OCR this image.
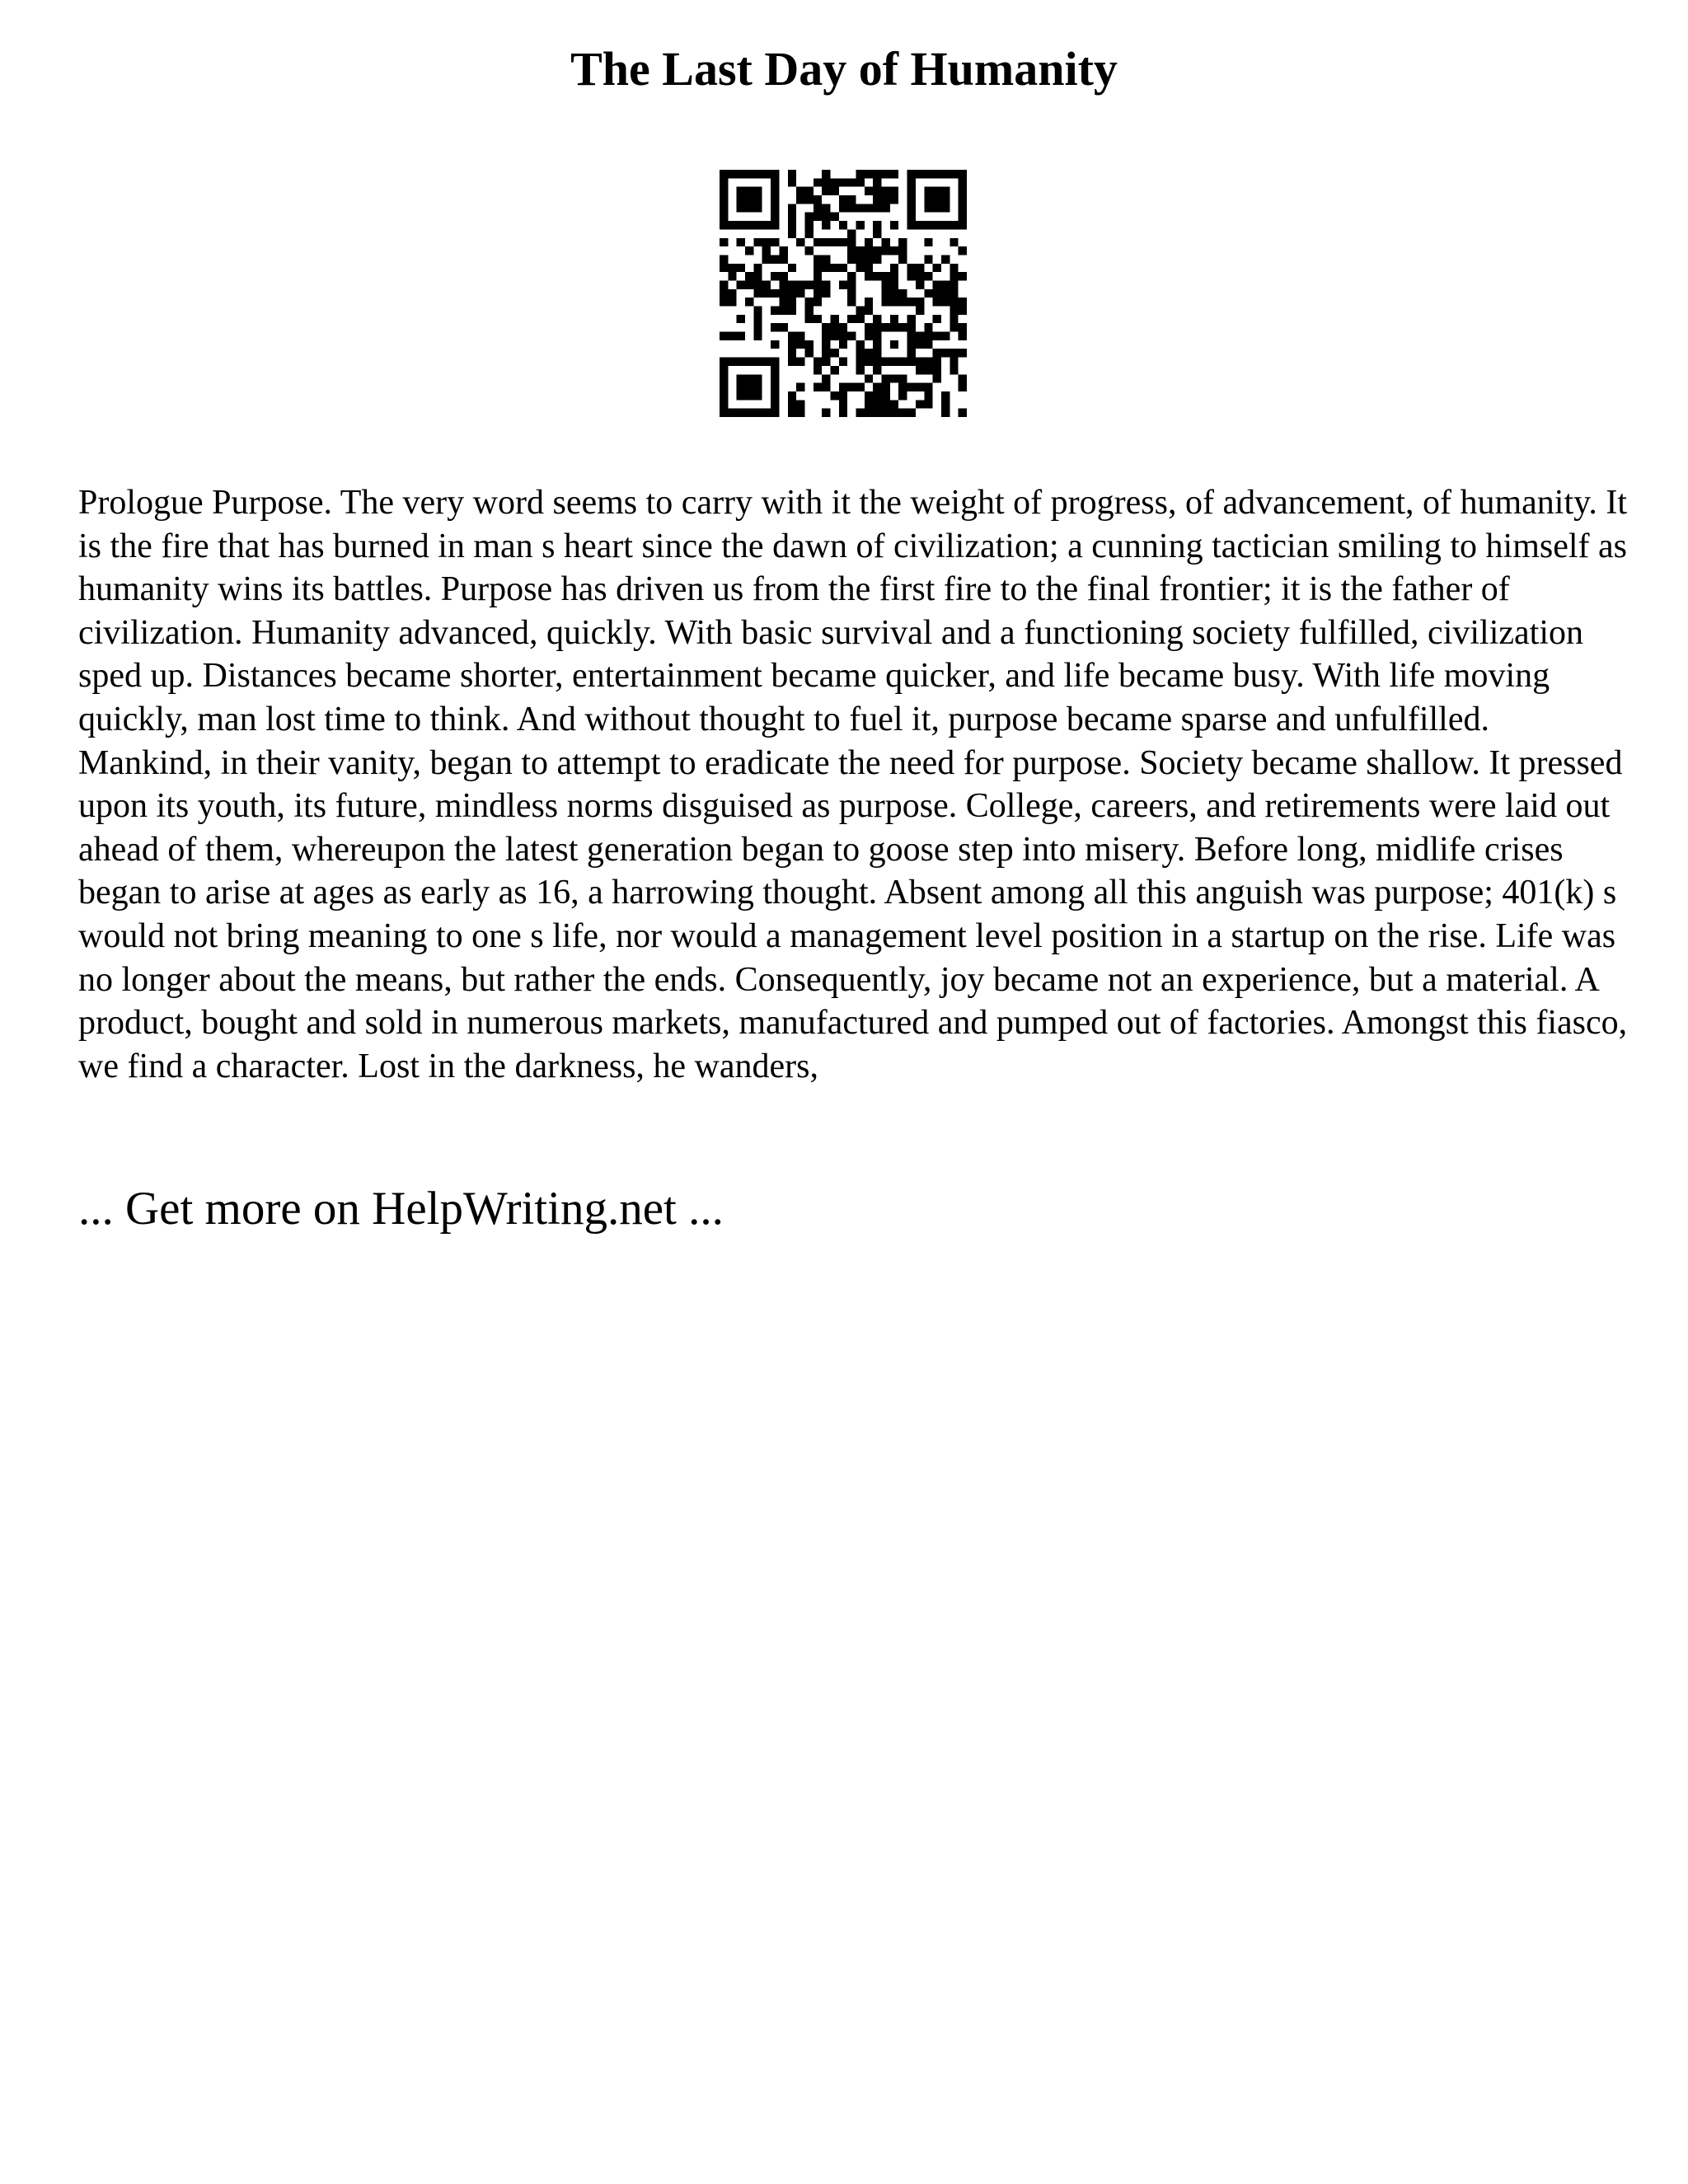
The Last Day of Humanity

Prologue Purpose. The very word seems to carry with it the weight of progress, of advancement, of humanity. It is the fire that has burned in man s heart since the dawn of civilization; a cunning tactician smiling to himself as humanity wins its battles. Purpose has driven us from the first fire to the final frontier; it is the father of civilization. Humanity advanced, quickly. With basic survival and a functioning society fulfilled, civilization sped up. Distances became shorter, entertainment became quicker, and life became busy. With life moving quickly, man lost time to think. And without thought to fuel it, purpose became sparse and unfulfilled. Mankind, in their vanity, began to attempt to eradicate the need for purpose. Society became shallow. It pressed upon its youth, its future, mindless norms disguised as purpose. College, careers, and retirements were laid out ahead of them, whereupon the latest generation began to goose step into misery. Before long, midlife crises began to arise at ages as early as 16, a harrowing thought. Absent among all this anguish was purpose; 401(k) s would not bring meaning to one s life, nor would a management level position in a startup on the rise. Life was no longer about the means, but rather the ends. Consequently, joy became not an experience, but a material. A product, bought and sold in numerous markets, manufactured and pumped out of factories. Amongst this fiasco, we find a character. Lost in the darkness, he wanders,

... Get more on HelpWriting.net ...
